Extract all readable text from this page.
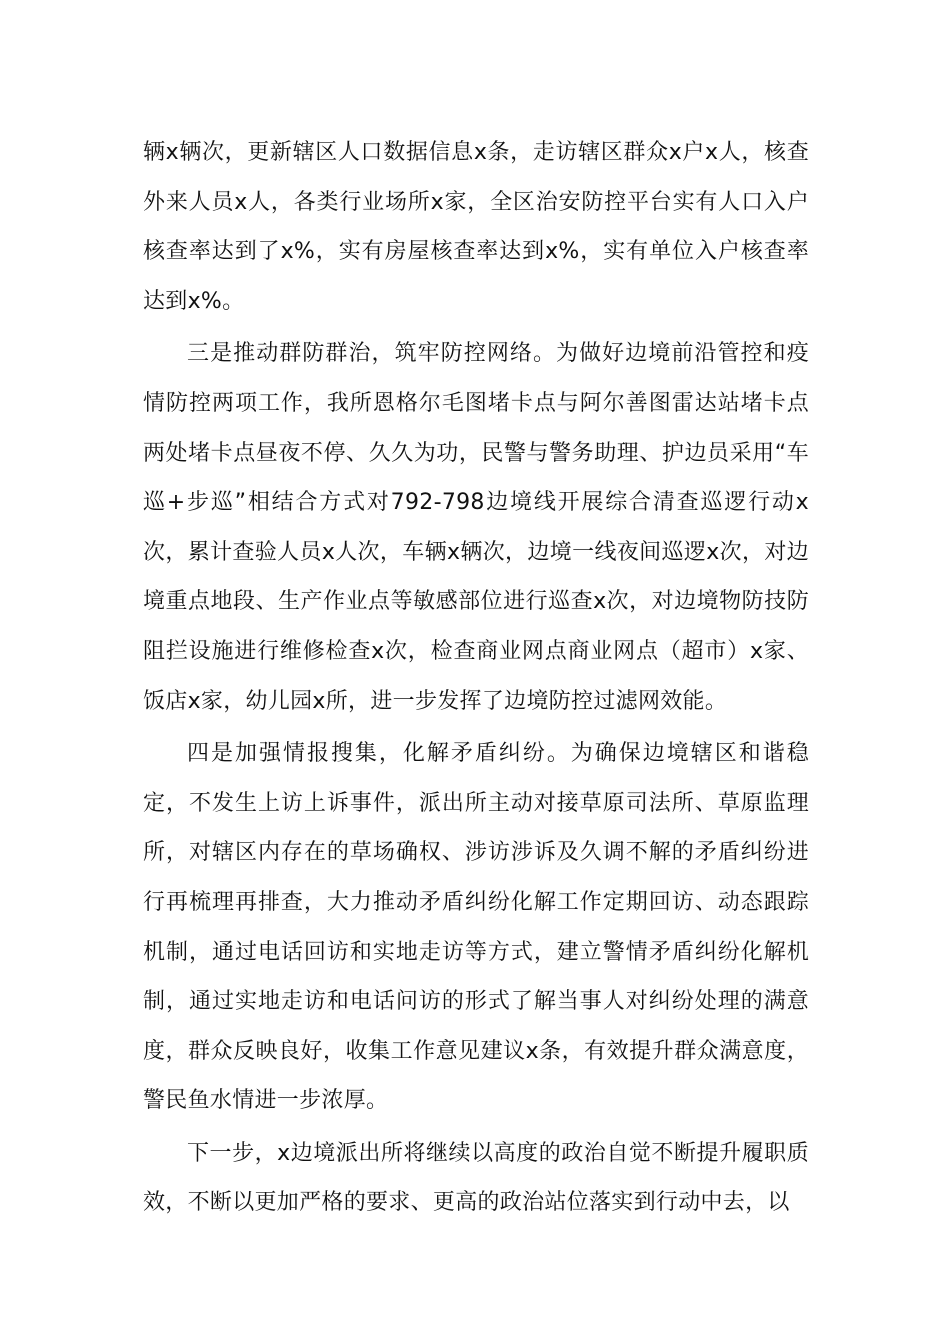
辆x辆次，更新辖区人口数据信息x条，走访辖区群众x户x人，核查外来人员x人，各类行业场所x家，全区治安防控平台实有人口入户核查率达到了x%，实有房屋核查率达到x%，实有单位入户核查率达到x%。

三是推动群防群治，筑牢防控网络。为做好边境前沿管控和疫情防控两项工作，我所恩格尔毛图堵卡点与阿尔善图雷达站堵卡点两处堵卡点昼夜不停、久久为功，民警与警务助理、护边员采用“车巡+步巡”相结合方式对792-798边境线开展综合清查巡逻行动x次，累计查验人员x人次，车辆x辆次，边境一线夜间巡逻x次，对边境重点地段、生产作业点等敏感部位进行巡查x次，对边境物防技防阻拦设施进行维修检查x次，检查商业网点商业网点（超市）x家、饭店x家，幼儿园x所，进一步发挥了边境防控过滤网效能。

四是加强情报搜集，化解矛盾纠纷。为确保边境辖区和谐稳定，不发生上访上诉事件，派出所主动对接草原司法所、草原监理所，对辖区内存在的草场确权、涉访涉诉及久调不解的矛盾纠纷进行再梳理再排查，大力推动矛盾纠纷化解工作定期回访、动态跟踪机制，通过电话回访和实地走访等方式，建立警情矛盾纠纷化解机制，通过实地走访和电话问访的形式了解当事人对纠纷处理的满意度，群众反映良好，收集工作意见建议x条，有效提升群众满意度，警民鱼水情进一步浓厚。

下一步，x边境派出所将继续以高度的政治自觉不断提升履职质效，不断以更加严格的要求、更高的政治站位落实到行动中去，以
